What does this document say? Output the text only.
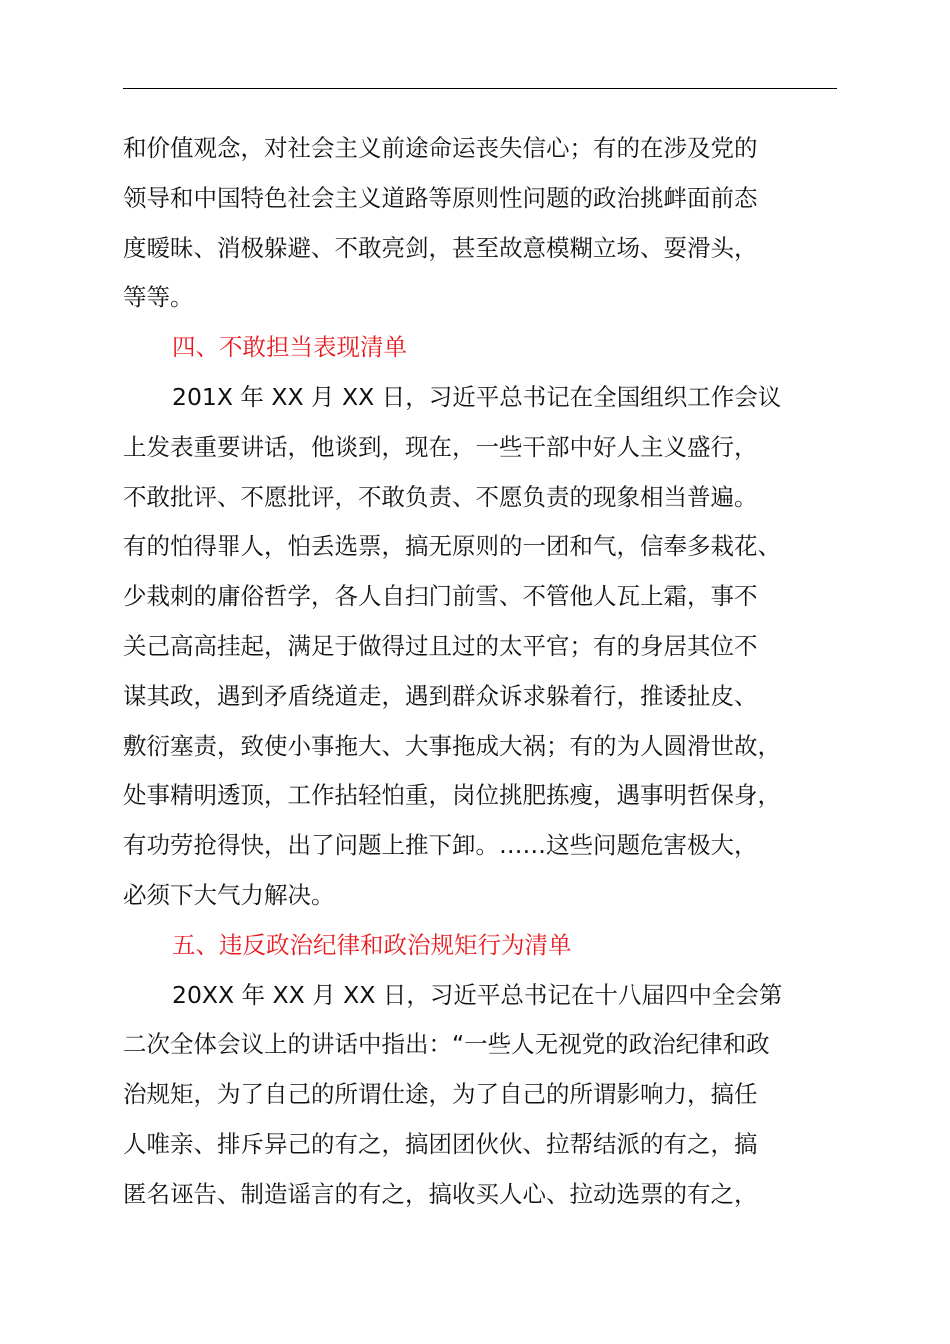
和价值观念，对社会主义前途命运丧失信心；有的在涉及党的
领导和中国特色社会主义道路等原则性问题的政治挑衅面前态
度暧昧、消极躲避、不敢亮剑，甚至故意模糊立场、耍滑头，
等等。
四、不敢担当表现清单
201X 年 XX 月 XX 日，习近平总书记在全国组织工作会议
上发表重要讲话，他谈到，现在，一些干部中好人主义盛行，
不敢批评、不愿批评，不敢负责、不愿负责的现象相当普遍。
有的怕得罪人，怕丢选票，搞无原则的一团和气，信奉多栽花、
少栽刺的庸俗哲学，各人自扫门前雪、不管他人瓦上霜，事不
关己高高挂起，满足于做得过且过的太平官；有的身居其位不
谋其政，遇到矛盾绕道走，遇到群众诉求躲着行，推诿扯皮、
敷衍塞责，致使小事拖大、大事拖成大祸；有的为人圆滑世故，
处事精明透顶，工作拈轻怕重，岗位挑肥拣瘦，遇事明哲保身，
有功劳抢得快，出了问题上推下卸。……这些问题危害极大，
必须下大气力解决。
五、违反政治纪律和政治规矩行为清单
20XX 年 XX 月 XX 日，习近平总书记在十八届四中全会第
二次全体会议上的讲话中指出：“一些人无视党的政治纪律和政
治规矩，为了自己的所谓仕途，为了自己的所谓影响力，搞任
人唯亲、排斥异己的有之，搞团团伙伙、拉帮结派的有之，搞
匿名诬告、制造谣言的有之，搞收买人心、拉动选票的有之，
